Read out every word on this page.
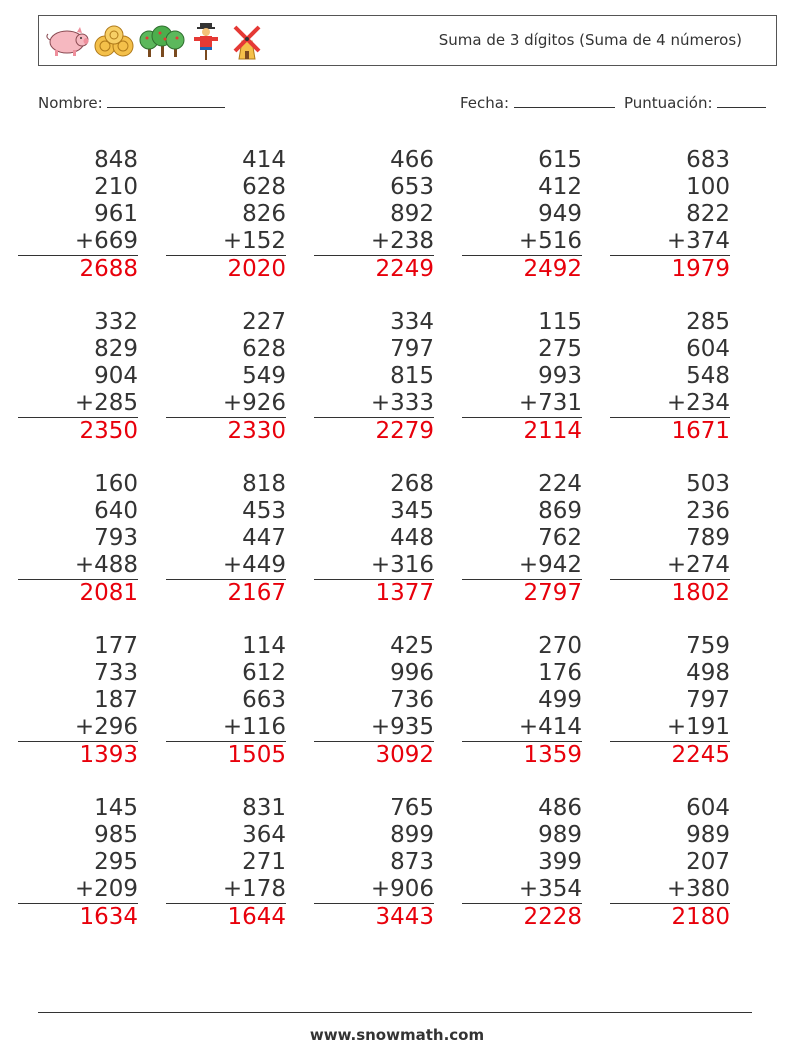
Suma de 3 dígitos (Suma de 4 números)
Nombre:	Fecha:	Puntuación:
848
210
961
+669
2688
414
628
826
+152
2020
466
653
892
+238
2249
615
412
949
+516
2492
683
100
822
+374
1979
332
829
904
+285
2350
227
628
549
+926
2330
334
797
815
+333
2279
115
275
993
+731
2114
285
604
548
+234
1671
160
640
793
+488
2081
818
453
447
+449
2167
268
345
448
+316
1377
224
869
762
+942
2797
503
236
789
+274
1802
177
733
187
+296
1393
114
612
663
+116
1505
425
996
736
+935
3092
270
176
499
+414
1359
759
498
797
+191
2245
145
985
295
+209
1634
831
364
271
+178
1644
765
899
873
+906
3443
486
989
399
+354
2228
604
989
207
+380
2180
www.snowmath.com
